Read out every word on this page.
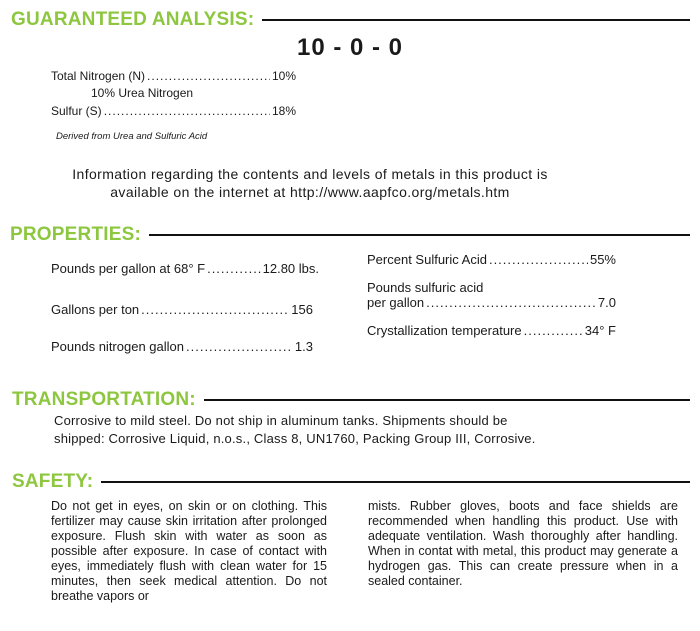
GUARANTEED ANALYSIS:
10 - 0 - 0
Total Nitrogen (N) .....	10%
10% Urea Nitrogen
Sulfur (S) .....	18%
Derived from Urea and Sulfuric Acid
Information regarding the contents and levels of metals in this product is
available on the internet at http://www.aapfco.org/metals.htm
PROPERTIES:
Pounds per gallon at 68° F .....	12.80 lbs.
Gallons per ton .....	156
Pounds nitrogen gallon .....	1.3
Percent Sulfuric Acid .....	55%
Pounds sulfuric acid
per gallon .....	7.0
Crystallization temperature .....	34° F
TRANSPORTATION:
Corrosive to mild steel. Do not ship in aluminum tanks. Shipments should be
shipped: Corrosive Liquid, n.o.s., Class 8, UN1760, Packing Group III, Corrosive.
SAFETY:
Do not get in eyes, on skin or on clothing. This fertilizer may cause skin irritation after prolonged exposure. Flush skin with water as soon as possible after exposure. In case of contact with eyes, immediately flush with clean water for 15 minutes, then seek medical attention. Do not breathe vapors or
mists. Rubber gloves, boots and face shields are recommended when handling this product. Use with adequate ventilation. Wash thoroughly after handling. When in contat with metal, this product may generate a hydrogen gas. This can create pressure when in a sealed container.
